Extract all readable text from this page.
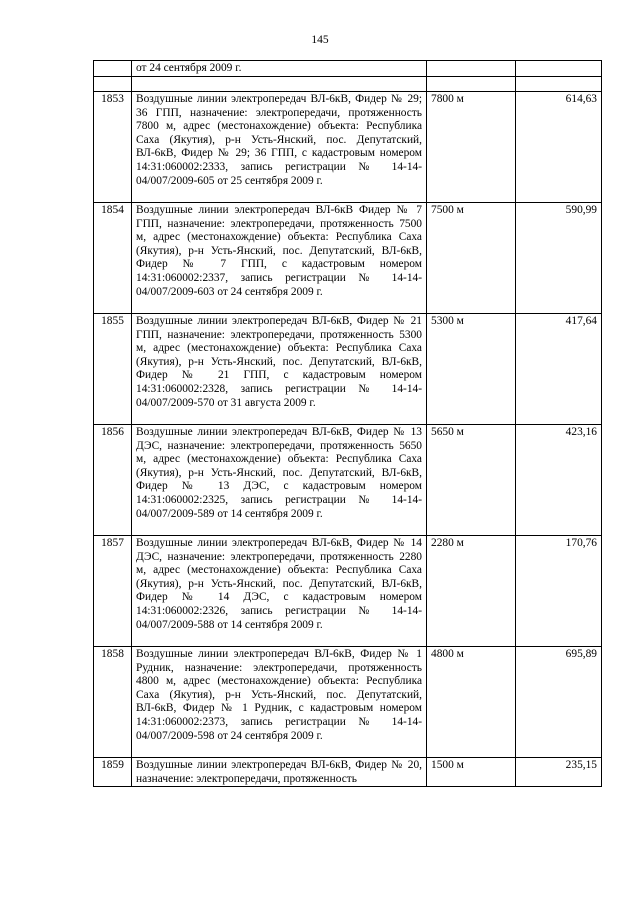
145
	от 24 сентября 2009 г.		

1853	Воздушные линии электропередач ВЛ-6кВ, Фидер № 29; 36 ГПП, назначение: электропередачи, протяженность 7800 м, адрес (местонахождение) объекта: Республика Саха (Якутия), р-н Усть-Янский, пос. Депутатский, ВЛ-6кВ, Фидер № 29; 36 ГПП, с кадастровым номером 14:31:060002:2333, запись регистрации № 14-14-04/007/2009-605 от 25 сентября 2009 г.	7800 м	614,63
1854	Воздушные линии электропередач ВЛ-6кВ Фидер № 7 ГПП, назначение: электропередачи, протяженность 7500 м, адрес (местонахождение) объекта: Республика Саха (Якутия), р-н Усть-Янский, пос. Депутатский, ВЛ-6кВ, Фидер № 7 ГПП, с кадастровым номером 14:31:060002:2337, запись регистрации № 14-14-04/007/2009-603 от 24 сентября 2009 г.	7500 м	590,99
1855	Воздушные линии электропередач ВЛ-6кВ, Фидер № 21 ГПП, назначение: электропередачи, протяженность 5300 м, адрес (местонахождение) объекта: Республика Саха (Якутия), р-н Усть-Янский, пос. Депутатский, ВЛ-6кВ, Фидер № 21 ГПП, с кадастровым номером 14:31:060002:2328, запись регистрации № 14-14-04/007/2009-570 от 31 августа 2009 г.	5300 м	417,64
1856	Воздушные линии электропередач ВЛ-6кВ, Фидер № 13 ДЭС, назначение: электропередачи, протяженность 5650 м, адрес (местонахождение) объекта: Республика Саха (Якутия), р-н Усть-Янский, пос. Депутатский, ВЛ-6кВ, Фидер № 13 ДЭС, с кадастровым номером 14:31:060002:2325, запись регистрации № 14-14-04/007/2009-589 от 14 сентября 2009 г.	5650 м	423,16
1857	Воздушные линии электропередач ВЛ-6кВ, Фидер № 14 ДЭС, назначение: электропередачи, протяженность 2280 м, адрес (местонахождение) объекта: Республика Саха (Якутия), р-н Усть-Янский, пос. Депутатский, ВЛ-6кВ, Фидер № 14 ДЭС, с кадастровым номером 14:31:060002:2326, запись регистрации № 14-14-04/007/2009-588 от 14 сентября 2009 г.	2280 м	170,76
1858	Воздушные линии электропередач ВЛ-6кВ, Фидер № 1 Рудник, назначение: электропередачи, протяженность 4800 м, адрес (местонахождение) объекта: Республика Саха (Якутия), р-н Усть-Янский, пос. Депутатский, ВЛ-6кВ, Фидер № 1 Рудник, с кадастровым номером 14:31:060002:2373, запись регистрации № 14-14-04/007/2009-598 от 24 сентября 2009 г.	4800 м	695,89
1859	Воздушные линии электропередач ВЛ-6кВ, Фидер № 20, назначение: электропередачи, протяженность	1500 м	235,15
